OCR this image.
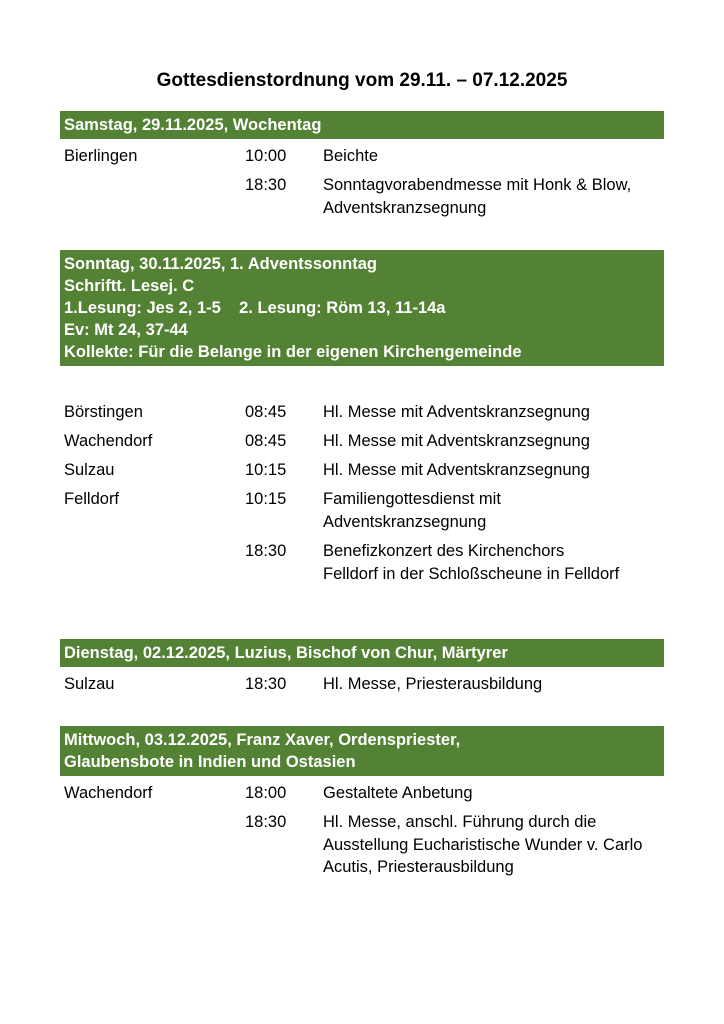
Gottesdienstordnung vom 29.11. – 07.12.2025
Samstag, 29.11.2025, Wochentag
Bierlingen	10:00 Beichte
18:30 Sonntagvorabendmesse mit Honk & Blow, Adventskranzsegnung
Sonntag, 30.11.2025, 1. Adventssonntag
Schriftt. Lesej. C
1.Lesung: Jes 2, 1-5    2. Lesung: Röm 13, 11-14a
Ev: Mt 24, 37-44
Kollekte: Für die Belange in der eigenen Kirchengemeinde
Börstingen	08:45 Hl. Messe mit Adventskranzsegnung
Wachendorf	08:45 Hl. Messe mit Adventskranzsegnung
Sulzau	10:15 Hl. Messe mit Adventskranzsegnung
Felldorf	10:15 Familiengottesdienst mit Adventskranzsegnung
18:30 Benefizkonzert des Kirchenchors Felldorf in der Schloßscheune in Felldorf
Dienstag, 02.12.2025, Luzius, Bischof von Chur, Märtyrer
Sulzau	18:30 Hl. Messe, Priesterausbildung
Mittwoch, 03.12.2025, Franz Xaver, Ordenspriester,
Glaubensbote in Indien und Ostasien
Wachendorf	18:00 Gestaltete Anbetung
18:30 Hl. Messe, anschl. Führung durch die Ausstellung Eucharistische Wunder v. Carlo Acutis, Priesterausbildung
